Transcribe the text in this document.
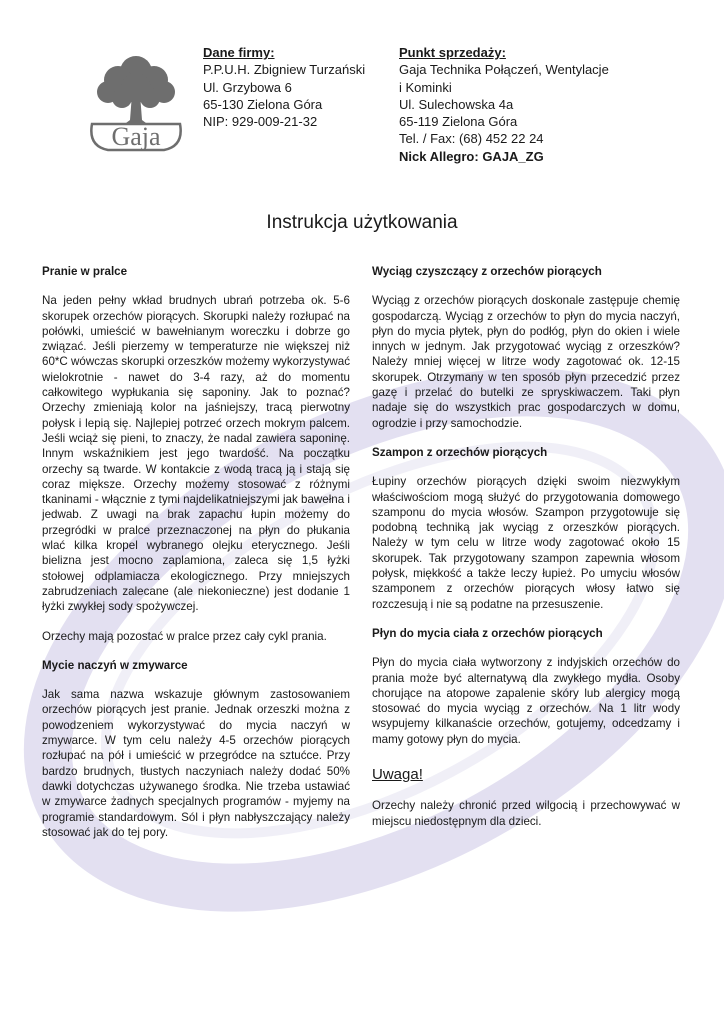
Gaja
Dane firmy:
P.P.U.H. Zbigniew Turzański
Ul. Grzybowa 6
65-130 Zielona Góra
NIP: 929-009-21-32
Punkt sprzedaży:
Gaja Technika Połączeń, Wentylacje
i Kominki
Ul. Sulechowska 4a
65-119 Zielona Góra
Tel. / Fax: (68) 452 22 24
Nick Allegro: GAJA_ZG
Instrukcja użytkowania
Pranie w pralce

Na jeden pełny wkład brudnych ubrań potrzeba ok. 5-6 skorupek orzechów piorących. Skorupki należy rozłupać na połówki, umieścić w bawełnianym woreczku i dobrze go związać. Jeśli pierzemy w temperaturze nie większej niż 60*C wówczas skorupki orzeszków możemy wykorzystywać wielokrotnie - nawet do 3-4 razy, aż do momentu całkowitego wypłukania się saponiny. Jak to poznać? Orzechy zmieniają kolor na jaśniejszy, tracą pierwotny połysk i lepią się. Najlepiej potrzeć orzech mokrym palcem. Jeśli wciąż się pieni, to znaczy, że nadal zawiera saponinę. Innym wskaźnikiem jest jego twardość. Na początku orzechy są twarde. W kontakcie z wodą tracą ją i stają się coraz miększe. Orzechy możemy stosować z różnymi tkaninami - włącznie z tymi najdelikatniejszymi jak bawełna i jedwab. Z uwagi na brak zapachu łupin możemy do przegródki w pralce przeznaczonej na płyn do płukania wlać kilka kropel wybranego olejku eterycznego. Jeśli bielizna jest mocno zaplamiona, zaleca się 1,5 łyżki stołowej odplamiacza ekologicznego. Przy mniejszych zabrudzeniach zalecane (ale niekonieczne) jest dodanie 1 łyżki zwykłej sody spożywczej.

Orzechy mają pozostać w pralce przez cały cykl prania.

Mycie naczyń w zmywarce

Jak sama nazwa wskazuje głównym zastosowaniem orzechów piorących jest pranie. Jednak orzeszki można z powodzeniem wykorzystywać do mycia naczyń w zmywarce. W tym celu należy 4-5 orzechów piorących rozłupać na pół i umieścić w przegródce na sztućce. Przy bardzo brudnych, tłustych naczyniach należy dodać 50% dawki dotychczas używanego środka. Nie trzeba ustawiać w zmywarce żadnych specjalnych programów - myjemy na programie standardowym. Sól i płyn nabłyszczający należy stosować jak do tej pory.

Wyciąg czyszczący z orzechów piorących

Wyciąg z orzechów piorących doskonale zastępuje chemię gospodarczą. Wyciąg z orzechów to płyn do mycia naczyń, płyn do mycia płytek, płyn do podłóg, płyn do okien i wiele innych w jednym. Jak przygotować wyciąg z orzeszków? Należy mniej więcej w litrze wody zagotować ok. 12-15 skorupek. Otrzymany w ten sposób płyn przecedzić przez gazę i przelać do butelki ze spryskiwaczem. Taki płyn nadaje się do wszystkich prac gospodarczych w domu, ogrodzie i przy samochodzie.

Szampon z orzechów piorących

Łupiny orzechów piorących dzięki swoim niezwykłym właściwościom mogą służyć do przygotowania domowego szamponu do mycia włosów. Szampon przygotowuje się podobną techniką jak wyciąg z orzeszków piorących. Należy w tym celu w litrze wody zagotować około 15 skorupek. Tak przygotowany szampon zapewnia włosom połysk, miękkość a także leczy łupież. Po umyciu włosów szamponem z orzechów piorących włosy łatwo się rozczesują i nie są podatne na przesuszenie.

Płyn do mycia ciała z orzechów piorących

Płyn do mycia ciała wytworzony z indyjskich orzechów do prania może być alternatywą dla zwykłego mydła. Osoby chorujące na atopowe zapalenie skóry lub alergicy mogą stosować do mycia wyciąg z orzechów. Na 1 litr wody wsypujemy kilkanaście orzechów, gotujemy, odcedzamy i mamy gotowy płyn do mycia.

Uwaga!

Orzechy należy chronić przed wilgocią i przechowywać w miejscu niedostępnym dla dzieci.
